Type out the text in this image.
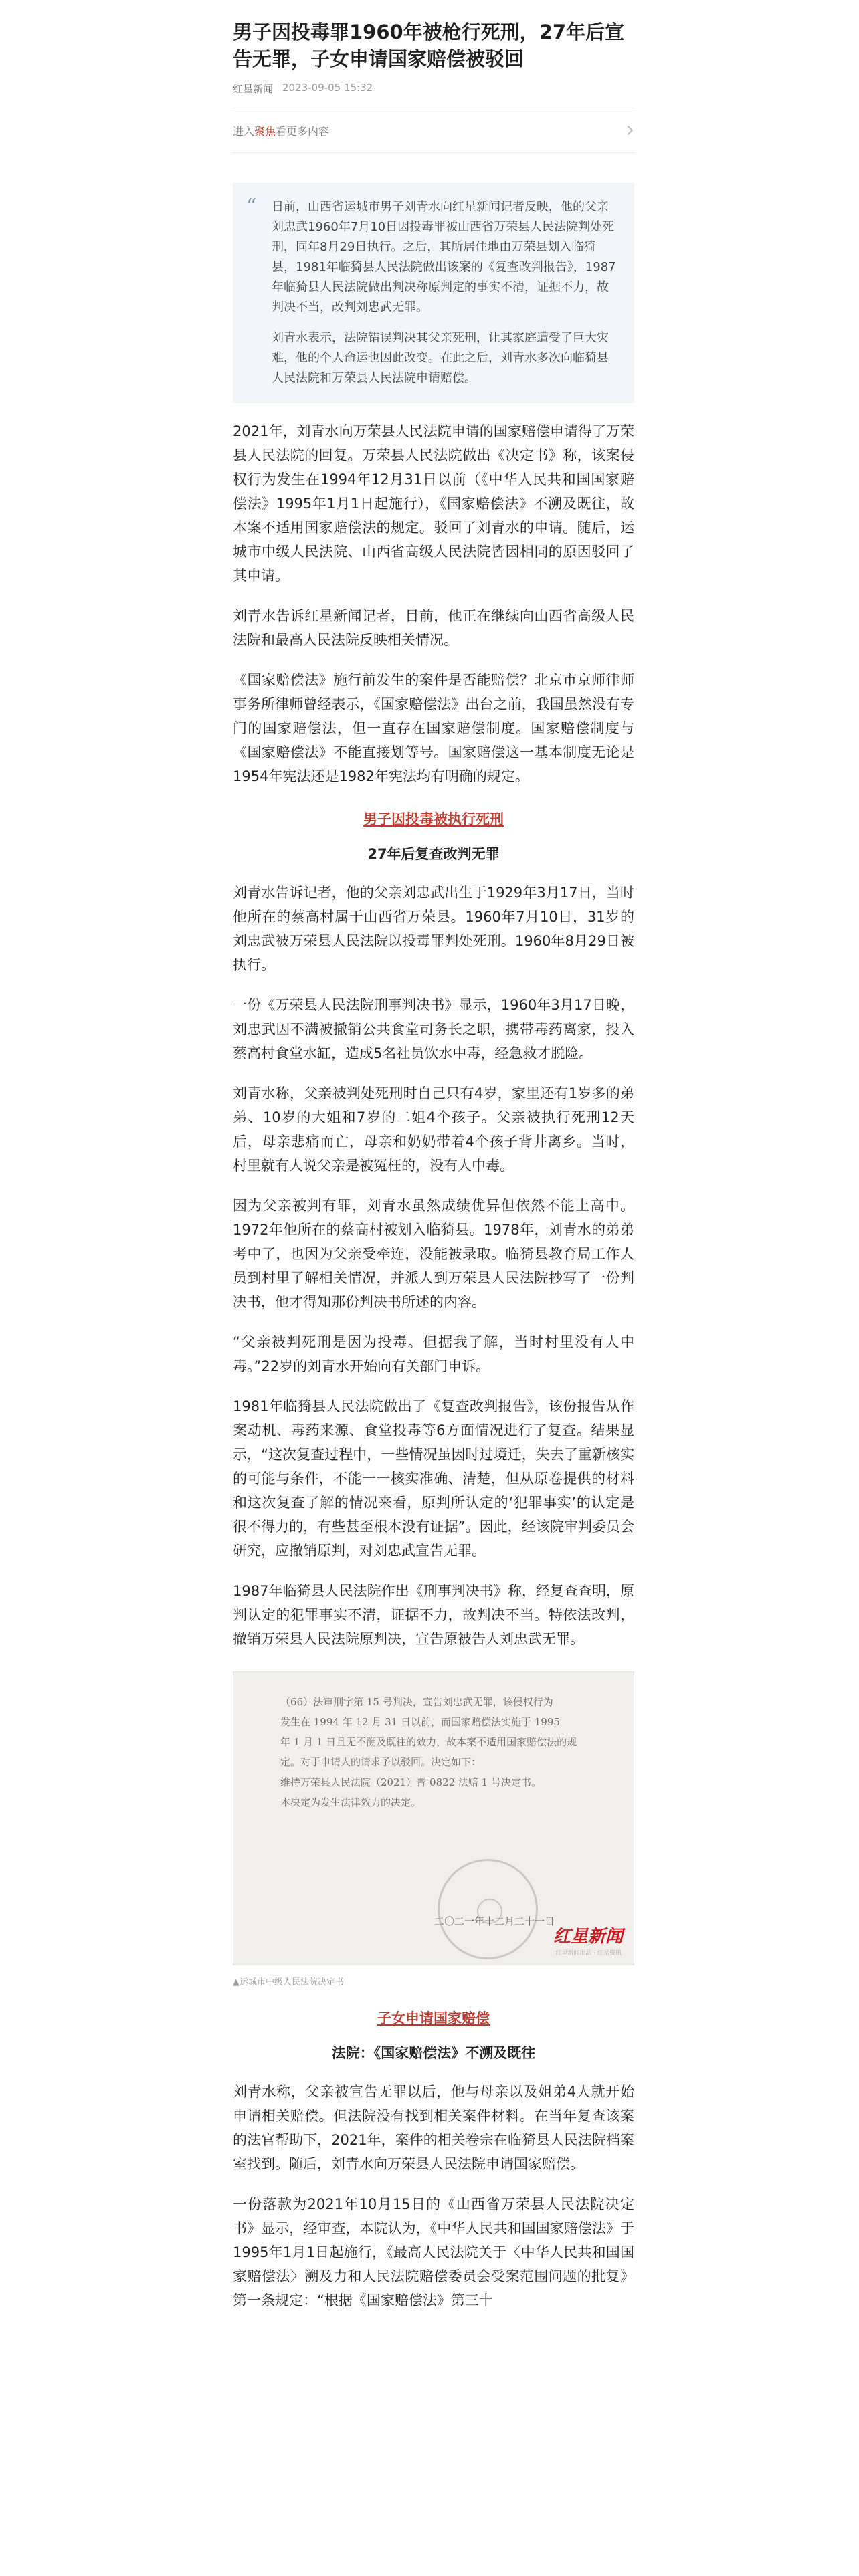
男子因投毒罪1960年被枪行死刑，27年后宣告无罪，子女申请国家赔偿被驳回
红星新闻 2023-09-05 15:32
进入聚焦看更多内容
“	日前，山西省运城市男子刘青水向红星新闻记者反映，他的父亲刘忠武1960年7月10日因投毒罪被山西省万荣县人民法院判处死刑，同年8月29日执行。之后，其所居住地由万荣县划入临猗县，1981年临猗县人民法院做出该案的《复查改判报告》，1987年临猗县人民法院做出判决称原判定的事实不清，证据不力，故判决不当，改判刘忠武无罪。

刘青水表示，法院错误判决其父亲死刑，让其家庭遭受了巨大灾难，他的个人命运也因此改变。在此之后，刘青水多次向临猗县人民法院和万荣县人民法院申请赔偿。

2021年，刘青水向万荣县人民法院申请的国家赔偿申请得了万荣县人民法院的回复。万荣县人民法院做出《决定书》称，该案侵权行为发生在1994年12月31日以前（《中华人民共和国国家赔偿法》1995年1月1日起施行），《国家赔偿法》不溯及既往，故本案不适用国家赔偿法的规定。驳回了刘青水的申请。随后，运城市中级人民法院、山西省高级人民法院皆因相同的原因驳回了其申请。

刘青水告诉红星新闻记者，目前，他正在继续向山西省高级人民法院和最高人民法院反映相关情况。

《国家赔偿法》施行前发生的案件是否能赔偿？北京市京师律师事务所律师曾经表示，《国家赔偿法》出台之前，我国虽然没有专门的国家赔偿法，但一直存在国家赔偿制度。国家赔偿制度与《国家赔偿法》不能直接划等号。国家赔偿这一基本制度无论是1954年宪法还是1982年宪法均有明确的规定。

男子因投毒被执行死刑
27年后复查改判无罪

刘青水告诉记者，他的父亲刘忠武出生于1929年3月17日，当时他所在的蔡高村属于山西省万荣县。1960年7月10日，31岁的刘忠武被万荣县人民法院以投毒罪判处死刑。1960年8月29日被执行。

一份《万荣县人民法院刑事判决书》显示，1960年3月17日晚，刘忠武因不满被撤销公共食堂司务长之职，携带毒药离家，投入蔡高村食堂水缸，造成5名社员饮水中毒，经急救才脱险。

刘青水称，父亲被判处死刑时自己只有4岁，家里还有1岁多的弟弟、10岁的大姐和7岁的二姐4个孩子。父亲被执行死刑12天后，母亲悲痛而亡，母亲和奶奶带着4个孩子背井离乡。当时，村里就有人说父亲是被冤枉的，没有人中毒。

因为父亲被判有罪，刘青水虽然成绩优异但依然不能上高中。1972年他所在的蔡高村被划入临猗县。1978年，刘青水的弟弟考中了，也因为父亲受牵连，没能被录取。临猗县教育局工作人员到村里了解相关情况，并派人到万荣县人民法院抄写了一份判决书，他才得知那份判决书所述的内容。

“父亲被判死刑是因为投毒。但据我了解，当时村里没有人中毒。”22岁的刘青水开始向有关部门申诉。

1981年临猗县人民法院做出了《复查改判报告》，该份报告从作案动机、毒药来源、食堂投毒等6方面情况进行了复查。结果显示，“这次复查过程中，一些情况虽因时过境迁，失去了重新核实的可能与条件，不能一一核实准确、清楚，但从原卷提供的材料和这次复查了解的情况来看，原判所认定的‘犯罪事实’的认定是很不得力的，有些甚至根本没有证据”。因此，经该院审判委员会研究，应撤销原判，对刘忠武宣告无罪。

1987年临猗县人民法院作出《刑事判决书》称，经复查查明，原判认定的犯罪事实不清，证据不力，故判决不当。特依法改判，撤销万荣县人民法院原判决，宣告原被告人刘忠武无罪。

（66）法审刑字第 15 号判决，宣告刘忠武无罪，该侵权行为
发生在 1994 年 12 月 31 日以前，而国家赔偿法实施于 1995
年 1 月 1 日且无不溯及既往的效力，故本案不适用国家赔偿法的规
定。对于申请人的请求予以驳回。决定如下：
维持万荣县人民法院（2021）晋 0822 法赔 1 号决定书。
本决定为发生法律效力的决定。
二〇二一年十二月二十一日
红星新闻
红星新闻出品 · 红星资讯
▲运城市中级人民法院决定书
子女申请国家赔偿
法院：《国家赔偿法》不溯及既往

刘青水称，父亲被宣告无罪以后，他与母亲以及姐弟4人就开始申请相关赔偿。但法院没有找到相关案件材料。在当年复查该案的法官帮助下，2021年，案件的相关卷宗在临猗县人民法院档案室找到。随后，刘青水向万荣县人民法院申请国家赔偿。

一份落款为2021年10月15日的《山西省万荣县人民法院决定书》显示，经审查，本院认为，《中华人民共和国国家赔偿法》于1995年1月1日起施行，《最高人民法院关于〈中华人民共和国国家赔偿法〉溯及力和人民法院赔偿委员会受案范围问题的批复》第一条规定：“根据《国家赔偿法》第三十
